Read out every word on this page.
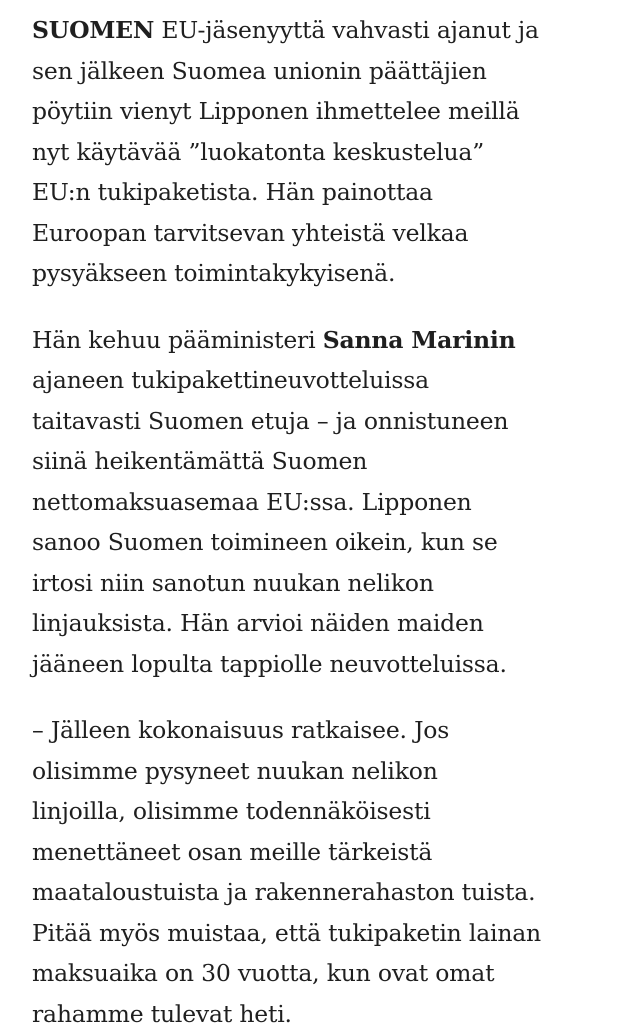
SUOMEN EU-jäsenyyttä vahvasti ajanut ja
sen jälkeen Suomea unionin päättäjien
pöytiin vienyt Lipponen ihmettelee meillä
nyt käytävää ”luokatonta keskustelua”
EU:n tukipaketista. Hän painottaa
Euroopan tarvitsevan yhteistä velkaa
pysyäkseen toimintakykyisenä.

Hän kehuu pääministeri Sanna Marinin
ajaneen tukipakettineuvotteluissa
taitavasti Suomen etuja – ja onnistuneen
siinä heikentämättä Suomen
nettomaksuasemaa EU:ssa. Lipponen
sanoo Suomen toimineen oikein, kun se
irtosi niin sanotun nuukan nelikon
linjauksista. Hän arvioi näiden maiden
jääneen lopulta tappiolle neuvotteluissa.

– Jälleen kokonaisuus ratkaisee. Jos
olisimme pysyneet nuukan nelikon
linjoilla, olisimme todennäköisesti
menettäneet osan meille tärkeistä
maataloustuista ja rakennerahaston tuista.
Pitää myös muistaa, että tukipaketin lainan
maksuaika on 30 vuotta, kun ovat omat
rahamme tulevat heti.
